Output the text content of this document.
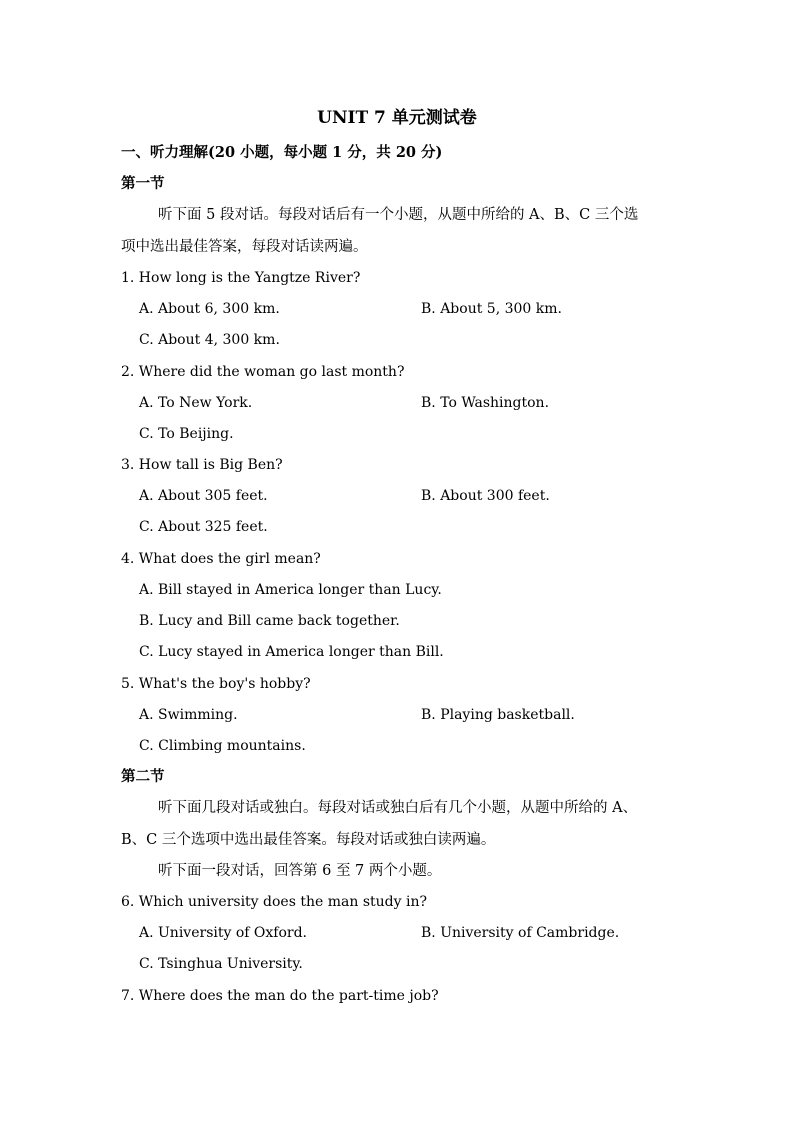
UNIT 7 单元测试卷
一、听力理解(20 小题，每小题 1 分，共 20 分)
第一节
听下面 5 段对话。每段对话后有一个小题，从题中所给的 A、B、C 三个选
项中选出最佳答案，每段对话读两遍。
1. How long is the Yangtze River?
A. About 6, 300 km.	B. About 5, 300 km.
C. About 4, 300 km.
2. Where did the woman go last month?
A. To New York.	B. To Washington.
C. To Beijing.
3. How tall is Big Ben?
A. About 305 feet.	B. About 300 feet.
C. About 325 feet.
4. What does the girl mean?
A. Bill stayed in America longer than Lucy.
B. Lucy and Bill came back together.
C. Lucy stayed in America longer than Bill.
5. What's the boy's hobby?
A. Swimming.	B. Playing basketball.
C. Climbing mountains.
第二节
听下面几段对话或独白。每段对话或独白后有几个小题，从题中所给的 A、
B、C 三个选项中选出最佳答案。每段对话或独白读两遍。
听下面一段对话，回答第 6 至 7 两个小题。
6. Which university does the man study in?
A. University of Oxford.	B. University of Cambridge.
C. Tsinghua University.
7. Where does the man do the part-time job?
